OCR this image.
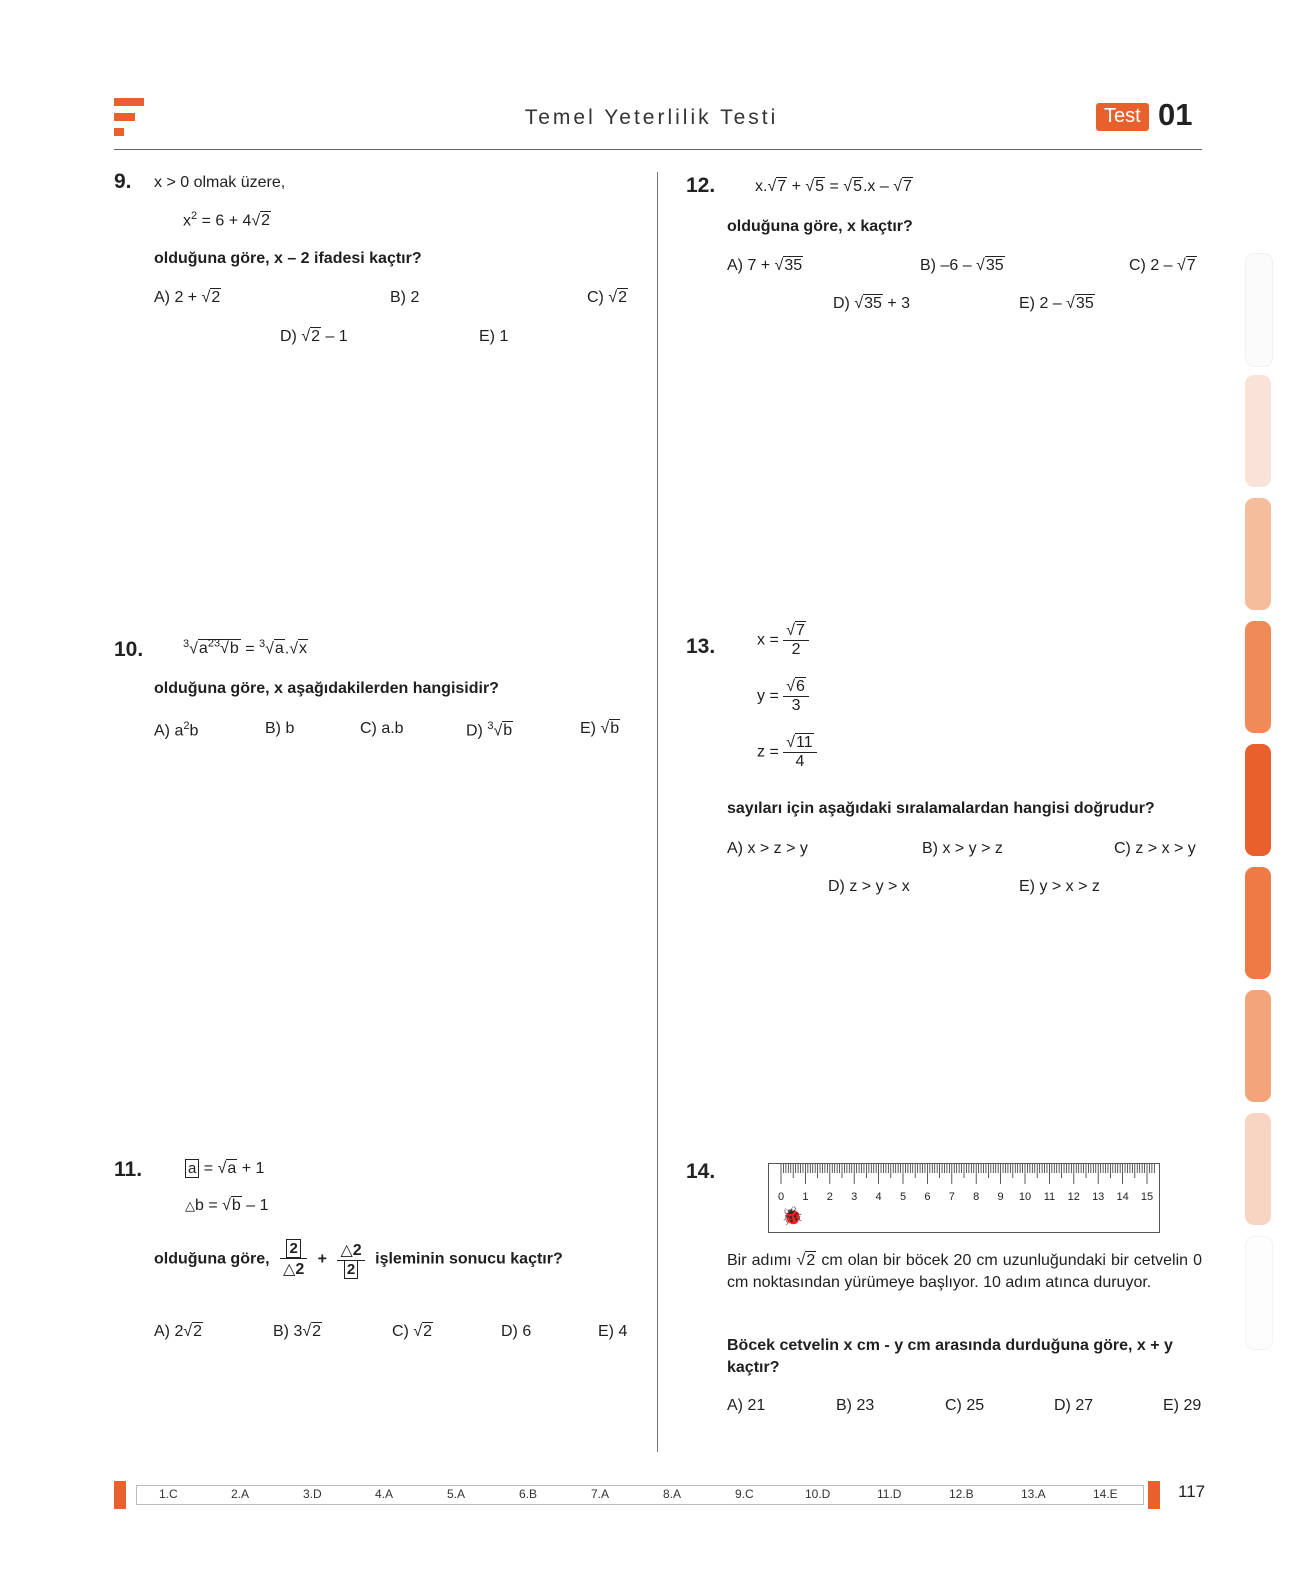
Temel Yeterlilik Testi	Test 01
9. x > 0 olmak üzere,
$x^2 = 6 + 4√2$
olduğuna göre, x – 2 ifadesi kaçtır?
A) 2 + √2	B) 2	C) √2
D) √2 – 1	E) 1
10.	$^3√a^{23}√b = ^3√a.√x$
olduğuna göre, x aşağıdakilerden hangisidir?
A) $a^2b$	B) b	C) a.b	D) $^3$√b	E) √b
11.	a = √a + 1
△b = √b – 1
olduğuna göre, $\frac{2}{\triangle 2} + \frac{\triangle 2}{2}$ işleminin sonucu kaçtır?
A) 2√2	B) 3√2	C) √2	D) 6	E) 4
12. x.√7 + √5 = √5.x – √7
olduğuna göre, x kaçtır?
A) 7 + √35	B) –6 – √35	C) 2 – √7
D) √35 + 3	E) 2 – √35
13.	$x = \frac{√7}{2}$
$y = \frac{√6}{3}$
$z = \frac{√11}{4}$
sayıları için aşağıdaki sıralamalardan hangisi doğrudur?
A) x > z > y	B) x > y > z	C) z > x > y
D) z > y > x	E) y > x > z
14.
0 1 2 3 4 5 6 7 8 9 10 11 12 13 14 15
🐞
Bir adımı √2 cm olan bir böcek 20 cm uzunluğundaki bir cetvelin 0 cm noktasından yürümeye başlıyor. 10 adım atınca duruyor.
Böcek cetvelin x cm - y cm arasında durduğuna göre, x + y kaçtır?
A) 21	B) 23	C) 25	D) 27	E) 29
1.C	2.A	3.D	4.A	5.A	6.B	7.A	8.A	9.C	10.D	11.D	12.B	13.A	14.E	117
